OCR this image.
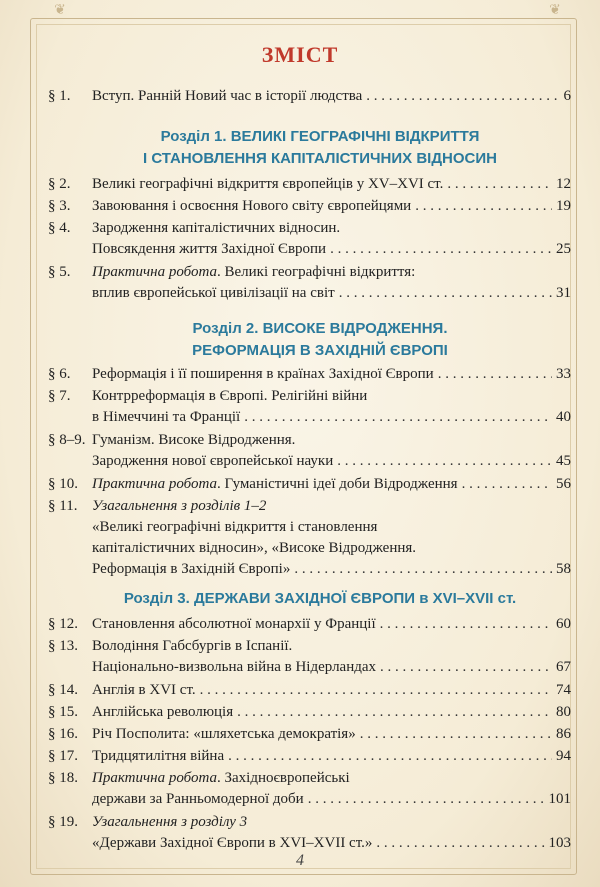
❦	❦
ЗМІСТ
§ 1.	Вступ. Ранній Новий час в історії людства . . .	6
Розділ 1. ВЕЛИКІ ГЕОГРАФІЧНІ ВІДКРИТТЯ
І СТАНОВЛЕННЯ КАПІТАЛІСТИЧНИХ ВІДНОСИН
§ 2.	Великі географічні відкриття європейців у XV–XVI ст. . . .	12
§ 3.	Завоювання і освоєння Нового світу європейцями . . .	19
§ 4.	Зародження капіталістичних відносин.
Повсякдення життя Західної Європи . . .	25
§ 5.	Практична робота. Великі географічні відкриття:
вплив європейської цивілізації на світ . . .	31
Розділ 2. ВИСОКЕ ВІДРОДЖЕННЯ.
РЕФОРМАЦІЯ В ЗАХІДНІЙ ЄВРОПІ
§ 6.	Реформація і її поширення в країнах Західної Європи . . .	33
§ 7.	Контрреформація в Європі. Релігійні війни
в Німеччині та Франції . . .	40
§ 8–9. Гуманізм. Високе Відродження.
Зародження нової європейської науки . . .	45
§ 10. Практична робота. Гуманістичні ідеї доби Відродження . . .	56
§ 11. Узагальнення з розділів 1–2
«Великі географічні відкриття і становлення
капіталістичних відносин», «Високе Відродження.
Реформація в Західній Європі» . . .	58
Розділ 3. ДЕРЖАВИ ЗАХІДНОЇ ЄВРОПИ в XVI–XVII ст.
§ 12. Становлення абсолютної монархії у Франції . . .	60
§ 13. Володіння Габсбургів в Іспанії.
Національно-визвольна війна в Нідерландах . . .	67
§ 14. Англія в XVI ст. . . .	74
§ 15. Англійська революція . . .	80
§ 16. Річ Посполита: «шляхетська демократія» . . .	86
§ 17. Тридцятилітня війна . . .	94
§ 18. Практична робота. Західноєвропейські
держави за Ранньомодерної доби . . .	101
§ 19. Узагальнення з розділу 3
«Держави Західної Європи в XVI–XVII ст.» . . .	103
4
